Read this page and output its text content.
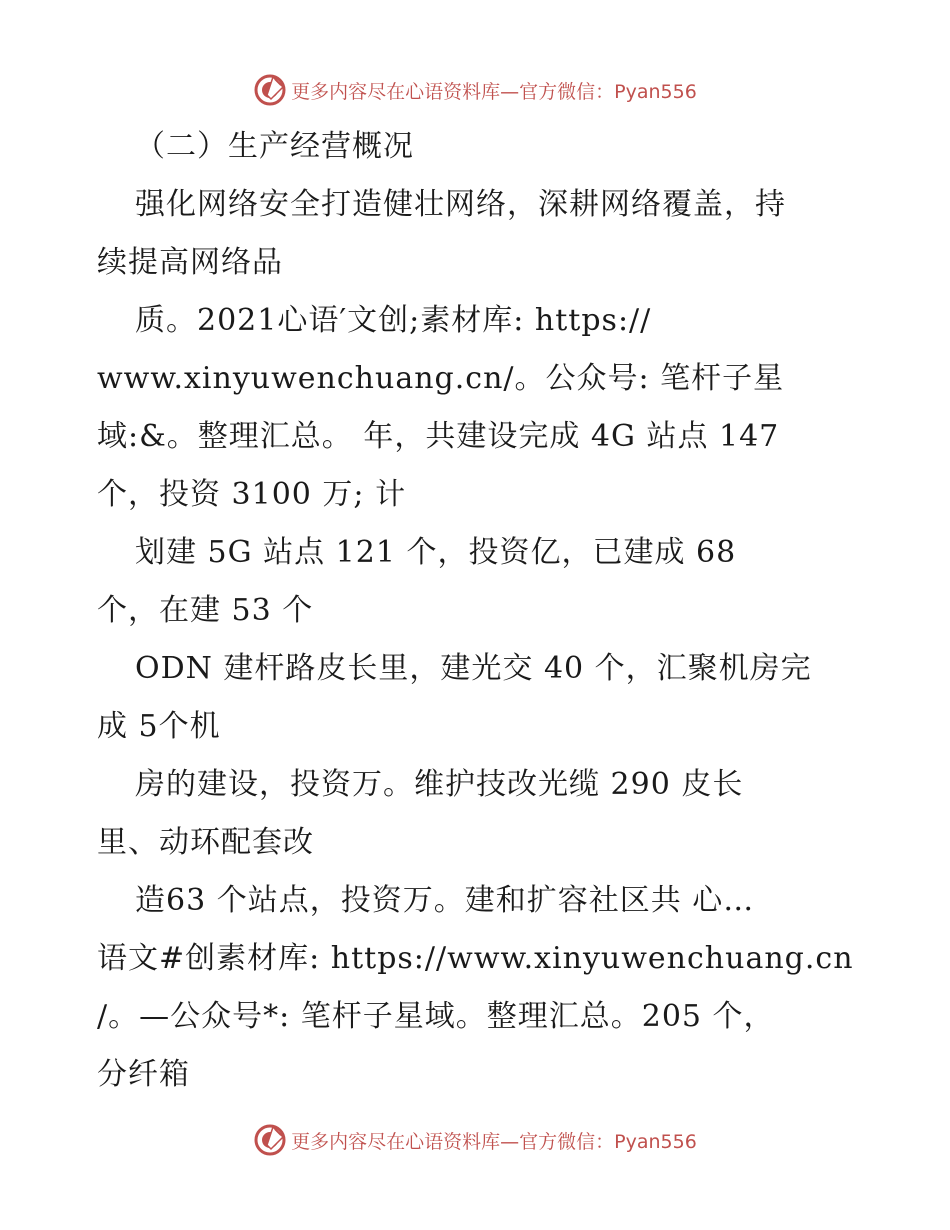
更多内容尽在心语资料库—官方微信：Pyan556
（二）生产经营概况
强化网络安全打造健壮网络，深耕网络覆盖，持
续提高网络品
质。2021心语′文创;素材库: https://
www.xinyuwenchuang.cn/。公众号: 笔杆子星
域:&。整理汇总。 年，共建设完成 4G 站点 147
个，投资 3100 万; 计
划建 5G 站点 121 个，投资亿，已建成 68
个，在建 53 个
ODN 建杆路皮长里，建光交 40 个，汇聚机房完
成 5个机
房的建设，投资万。维护技改光缆 290 皮长
里、动环配套改
造63 个站点，投资万。建和扩容社区共 心…
语文#创素材库: https://www.xinyuwenchuang.cn
/。—公众号*: 笔杆子星域。整理汇总。205 个，
分纤箱
更多内容尽在心语资料库—官方微信：Pyan556
